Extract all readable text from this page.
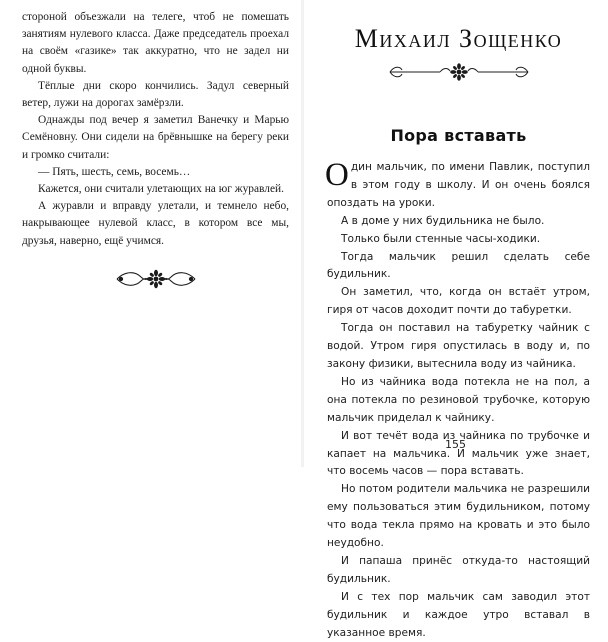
стороной объезжали на телеге, чтоб не помешать занятиям нулевого класса. Даже председатель проехал на своём «газике» так аккуратно, что не задел ни одной буквы.

Тёплые дни скоро кончились. Задул северный ветер, лужи на дорогах замёрзли.

Однажды под вечер я заметил Ванечку и Марью Семёновну. Они сидели на брёвнышке на берегу реки и громко считали:

— Пять, шесть, семь, восемь…

Кажется, они считали улетающих на юг журавлей.

А журавли и вправду улетали, и темнело небо, накрывающее нулевой класс, в котором все мы, друзья, наверно, ещё учимся.

Михаил Зощенко
Пора вставать

Один мальчик, по имени Павлик, поступил в этом году в школу. И он очень боялся опоздать на уроки.

А в доме у них будильника не было.

Только были стенные часы-ходики.

Тогда мальчик решил сделать себе будильник.

Он заметил, что, когда он встаёт утром, гиря от часов доходит почти до табуретки.

Тогда он поставил на табуретку чайник с водой. Утром гиря опустилась в воду и, по закону физики, вытеснила воду из чайника.

Но из чайника вода потекла не на пол, а она потекла по резиновой трубочке, которую мальчик приделал к чайнику.

И вот течёт вода из чайника по трубочке и капает на мальчика. И мальчик уже знает, что восемь часов — пора вставать.

Но потом родители мальчика не разрешили ему пользоваться этим будильником, потому что вода текла прямо на кровать и это было неудобно.

И папаша принёс откуда-то настоящий будильник.

И с тех пор мальчик сам заводил этот будильник и каждое утро вставал в указанное время.

155
